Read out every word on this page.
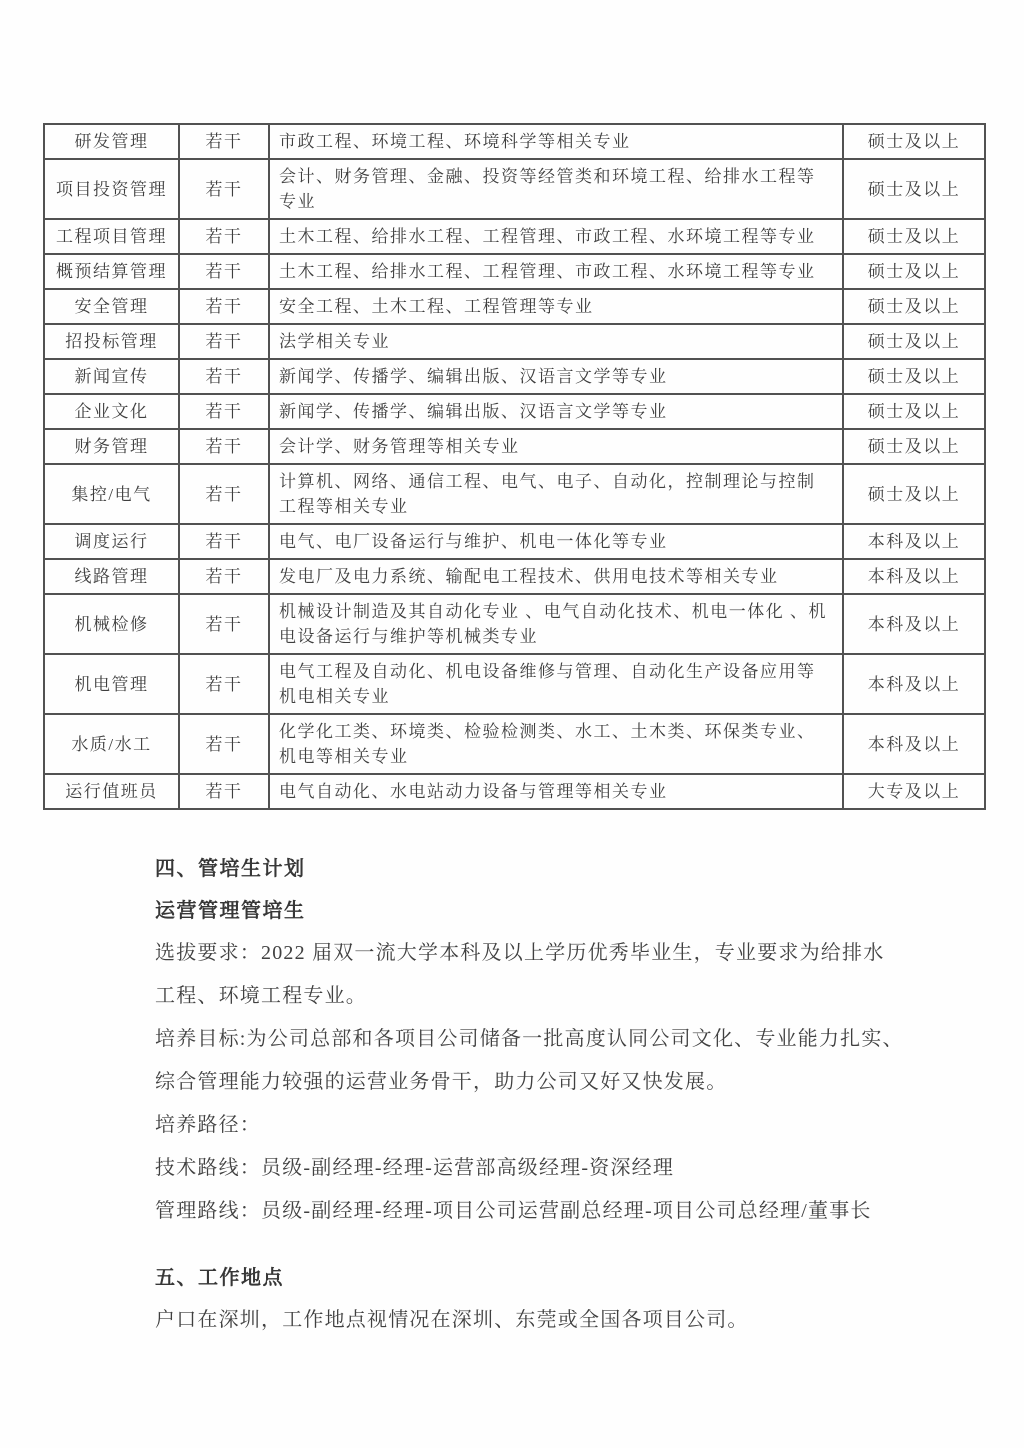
研发管理	若干	市政工程、环境工程、环境科学等相关专业	硕士及以上
项目投资管理	若干	会计、财务管理、金融、投资等经管类和环境工程、给排水工程等专业	硕士及以上
工程项目管理	若干	土木工程、给排水工程、工程管理、市政工程、水环境工程等专业	硕士及以上
概预结算管理	若干	土木工程、给排水工程、工程管理、市政工程、水环境工程等专业	硕士及以上
安全管理	若干	安全工程、土木工程、工程管理等专业	硕士及以上
招投标管理	若干	法学相关专业	硕士及以上
新闻宣传	若干	新闻学、传播学、编辑出版、汉语言文学等专业	硕士及以上
企业文化	若干	新闻学、传播学、编辑出版、汉语言文学等专业	硕士及以上
财务管理	若干	会计学、财务管理等相关专业	硕士及以上
集控/电气	若干	计算机、网络、通信工程、电气、电子、自动化，控制理论与控制工程等相关专业	硕士及以上
调度运行	若干	电气、电厂设备运行与维护、机电一体化等专业	本科及以上
线路管理	若干	发电厂及电力系统、输配电工程技术、供用电技术等相关专业	本科及以上
机械检修	若干	机械设计制造及其自动化专业 、电气自动化技术、机电一体化 、机电设备运行与维护等机械类专业	本科及以上
机电管理	若干	电气工程及自动化、机电设备维修与管理、自动化生产设备应用等机电相关专业	本科及以上
水质/水工	若干	化学化工类、环境类、检验检测类、水工、土木类、环保类专业、机电等相关专业	本科及以上
运行值班员	若干	电气自动化、水电站动力设备与管理等相关专业	大专及以上
四、管培生计划
运营管理管培生
选拔要求：2022 届双一流大学本科及以上学历优秀毕业生，专业要求为给排水
工程、环境工程专业。
培养目标:为公司总部和各项目公司储备一批高度认同公司文化、专业能力扎实、
综合管理能力较强的运营业务骨干，助力公司又好又快发展。
培养路径：
技术路线：员级-副经理-经理-运营部高级经理-资深经理
管理路线：员级-副经理-经理-项目公司运营副总经理-项目公司总经理/董事长
五、工作地点
户口在深圳，工作地点视情况在深圳、东莞或全国各项目公司。
